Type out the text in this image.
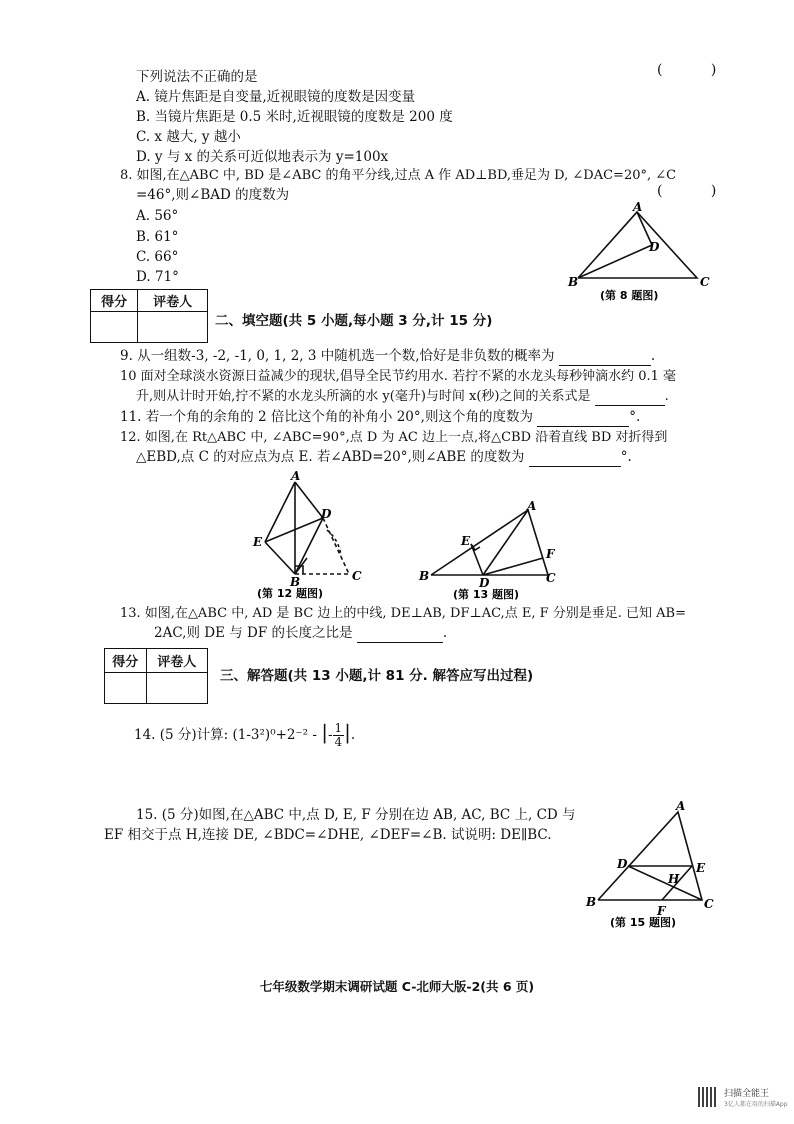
下列说法不正确的是	( )
A. 镜片焦距是自变量,近视眼镜的度数是因变量
B. 当镜片焦距是 0.5 米时,近视眼镜的度数是 200 度
C. x 越大, y 越小
D. y 与 x 的关系可近似地表示为 y=100x
8. 如图,在△ABC 中, BD 是∠ABC 的角平分线,过点 A 作 AD⊥BD,垂足为 D, ∠DAC=20°, ∠C
=46°,则∠BAD 的度数为	( )
A. 56°
B. 61°
C. 66°
D. 71°
A
B	C
D
(第 8 题图)
得分	评卷人

二、填空题(共 5 小题,每小题 3 分,计 15 分)
9. 从一组数-3, -2, -1, 0, 1, 2, 3 中随机选一个数,恰好是非负数的概率为	.
10 面对全球淡水资源日益减少的现状,倡导全民节约用水. 若拧不紧的水龙头每秒钟滴水约 0.1 毫
升,则从计时开始,拧不紧的水龙头所滴的水 y(毫升)与时间 x(秒)之间的关系式是	.
11. 若一个角的余角的 2 倍比这个角的补角小 20°,则这个角的度数为	°.
12. 如图,在 Rt△ABC 中, ∠ABC=90°,点 D 为 AC 边上一点,将△CBD 沿着直线 BD 对折得到
△EBD,点 C 的对应点为点 E. 若∠ABD=20°,则∠ABE 的度数为	°.
A
B	C
D
E
(第 12 题图)
A
B	C
D
E
F
(第 13 题图)
13. 如图,在△ABC 中, AD 是 BC 边上的中线, DE⊥AB, DF⊥AC,点 E, F 分别是垂足. 已知 AB=
2AC,则 DE 与 DF 的长度之比是	.
得分	评卷人

三、解答题(共 13 小题,计 81 分. 解答应写出过程)
14. (5 分)计算: (1-3²)⁰+2⁻² - |- $\frac{1}{4}$ |.
15. (5 分)如图,在△ABC 中,点 D, E, F 分别在边 AB, AC, BC 上, CD 与
EF 相交于点 H,连接 DE, ∠BDC=∠DHE, ∠DEF=∠B. 试说明: DE∥BC.
A
B	C
D	E
F
H
(第 15 题图)
七年级数学期末调研试题 C-北师大版-2(共 6 页)
扫描全能王
3亿人都在用的扫描App
